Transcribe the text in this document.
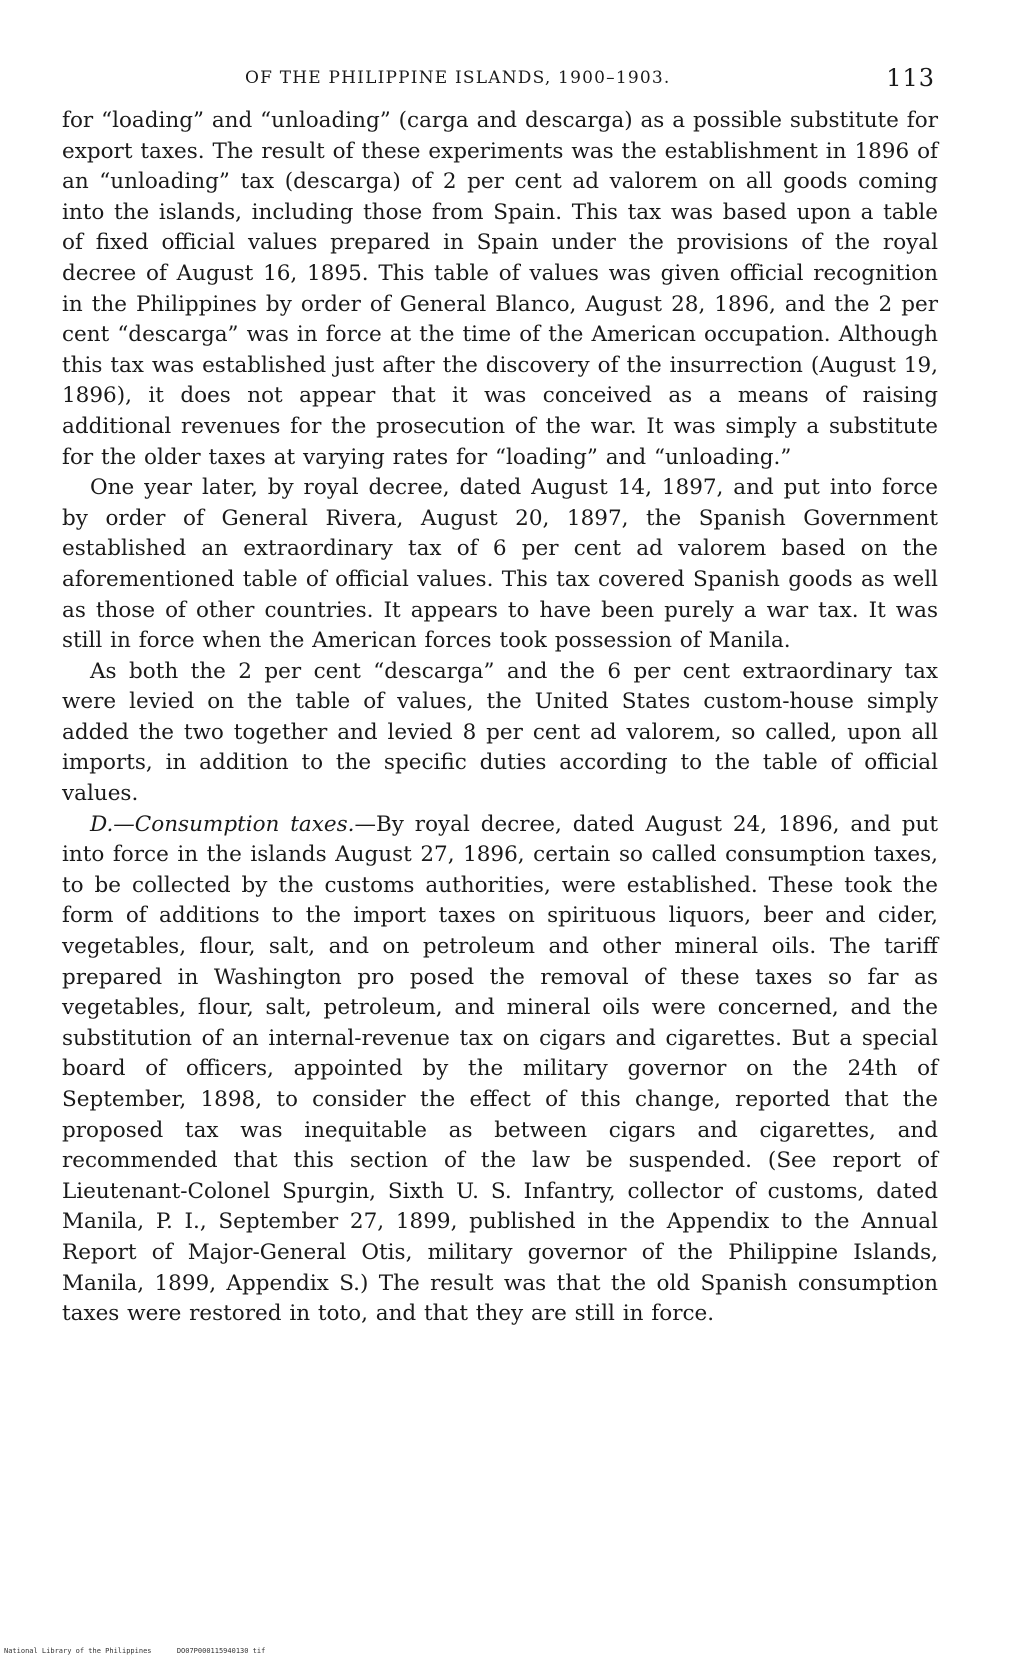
OF THE PHILIPPINE ISLANDS, 1900–1903.	113

for “loading” and “unloading” (carga and descarga) as a possible substitute for export taxes. The result of these experiments was the establishment in 1896 of an “unloading” tax (descarga) of 2 per cent ad valorem on all goods coming into the islands, including those from Spain. This tax was based upon a table of fixed official values prepared in Spain under the provisions of the royal decree of August 16, 1895. This table of values was given official recognition in the Philippines by order of General Blanco, August 28, 1896, and the 2 per cent “descarga” was in force at the time of the American occupation. Although this tax was established just after the discovery of the insurrection (August 19, 1896), it does not appear that it was conceived as a means of raising additional revenues for the prosecution of the war. It was simply a substitute for the older taxes at varying rates for “loading” and “unloading.”

One year later, by royal decree, dated August 14, 1897, and put into force by order of General Rivera, August 20, 1897, the Spanish Government established an extraordinary tax of 6 per cent ad valorem based on the aforementioned table of official values. This tax covered Spanish goods as well as those of other countries. It appears to have been purely a war tax. It was still in force when the American forces took possession of Manila.

As both the 2 per cent “descarga” and the 6 per cent extraordinary tax were levied on the table of values, the United States custom-house simply added the two together and levied 8 per cent ad valorem, so called, upon all imports, in addition to the specific duties according to the table of official values.

D.—Consumption taxes.—By royal decree, dated August 24, 1896, and put into force in the islands August 27, 1896, certain so called consumption taxes, to be collected by the customs authorities, were established. These took the form of additions to the import taxes on spirituous liquors, beer and cider, vegetables, flour, salt, and on petroleum and other mineral oils. The tariff prepared in Washington pro posed the removal of these taxes so far as vegetables, flour, salt, petroleum, and mineral oils were concerned, and the substitution of an internal-revenue tax on cigars and cigarettes. But a special board of officers, appointed by the military governor on the 24th of September, 1898, to consider the effect of this change, reported that the proposed tax was inequitable as between cigars and cigarettes, and recommended that this section of the law be suspended. (See report of Lieutenant-Colonel Spurgin, Sixth U. S. Infantry, collector of customs, dated Manila, P. I., September 27, 1899, published in the Appendix to the Annual Report of Major-General Otis, military governor of the Philippine Islands, Manila, 1899, Appendix S.) The result was that the old Spanish consumption taxes were restored in toto, and that they are still in force.

National Library of the Philippines	DO07P000115940130 tif
